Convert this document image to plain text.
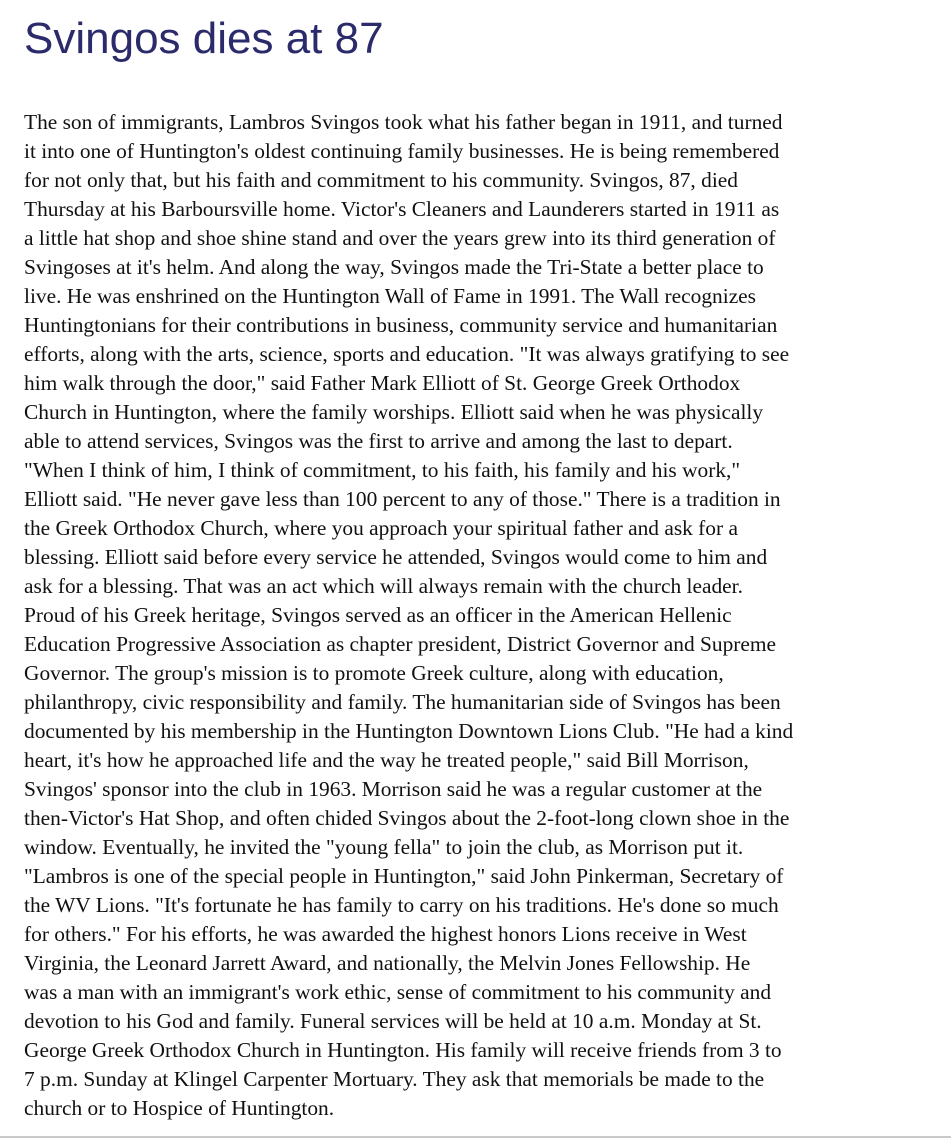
Svingos dies at 87
The son of immigrants, Lambros Svingos took what his father began in 1911, and turned
it into one of Huntington's oldest continuing family businesses. He is being remembered
for not only that, but his faith and commitment to his community. Svingos, 87, died
Thursday at his Barboursville home. Victor's Cleaners and Launderers started in 1911 as
a little hat shop and shoe shine stand and over the years grew into its third generation of
Svingoses at it's helm. And along the way, Svingos made the Tri-State a better place to
live. He was enshrined on the Huntington Wall of Fame in 1991. The Wall recognizes
Huntingtonians for their contributions in business, community service and humanitarian
efforts, along with the arts, science, sports and education. "It was always gratifying to see
him walk through the door," said Father Mark Elliott of St. George Greek Orthodox
Church in Huntington, where the family worships. Elliott said when he was physically
able to attend services, Svingos was the first to arrive and among the last to depart.
"When I think of him, I think of commitment, to his faith, his family and his work,"
Elliott said. "He never gave less than 100 percent to any of those." There is a tradition in
the Greek Orthodox Church, where you approach your spiritual father and ask for a
blessing. Elliott said before every service he attended, Svingos would come to him and
ask for a blessing. That was an act which will always remain with the church leader.
Proud of his Greek heritage, Svingos served as an officer in the American Hellenic
Education Progressive Association as chapter president, District Governor and Supreme
Governor. The group's mission is to promote Greek culture, along with education,
philanthropy, civic responsibility and family. The humanitarian side of Svingos has been
documented by his membership in the Huntington Downtown Lions Club. "He had a kind
heart, it's how he approached life and the way he treated people," said Bill Morrison,
Svingos' sponsor into the club in 1963. Morrison said he was a regular customer at the
then-Victor's Hat Shop, and often chided Svingos about the 2-foot-long clown shoe in the
window. Eventually, he invited the "young fella" to join the club, as Morrison put it.
"Lambros is one of the special people in Huntington," said John Pinkerman, Secretary of
the WV Lions. "It's fortunate he has family to carry on his traditions. He's done so much
for others." For his efforts, he was awarded the highest honors Lions receive in West
Virginia, the Leonard Jarrett Award, and nationally, the Melvin Jones Fellowship. He
was a man with an immigrant's work ethic, sense of commitment to his community and
devotion to his God and family. Funeral services will be held at 10 a.m. Monday at St.
George Greek Orthodox Church in Huntington. His family will receive friends from 3 to
7 p.m. Sunday at Klingel Carpenter Mortuary. They ask that memorials be made to the
church or to Hospice of Huntington.
